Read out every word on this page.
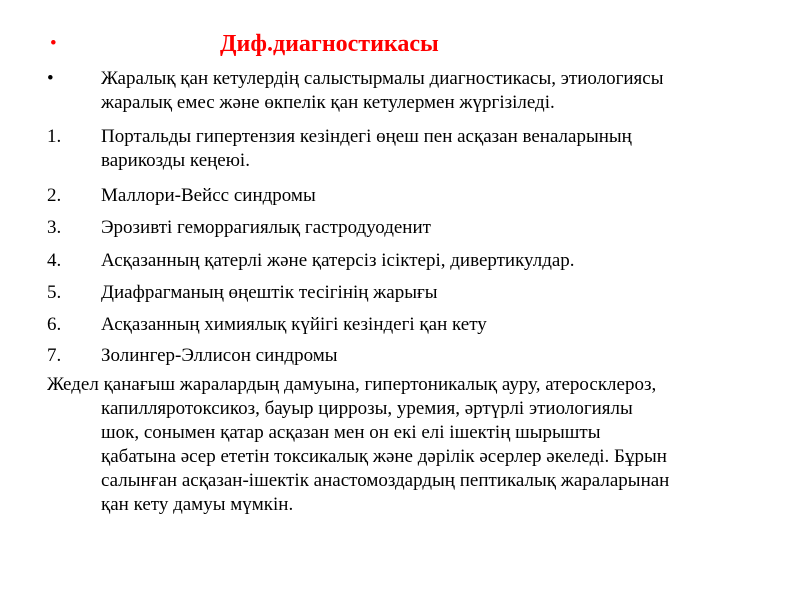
•	Диф.диагностикасы
• Жаралық қан кетулердің салыстырмалы диагностикасы, этиологиясы
жаралық емес және өкпелік қан кетулермен жүргізіледі.
1. Портальды гипертензия кезіндегі өңеш пен асқазан веналарының
варикозды кеңеюі.
2. Маллори-Вейсс синдромы
3. Эрозивті геморрагиялық гастродуоденит
4. Асқазанның қатерлі және қатерсіз ісіктері, дивертикулдар.
5. Диафрагманың өңештік тесігінің жарығы
6. Асқазанның химиялық күйігі кезіндегі қан кету
7. Золингер-Эллисон синдромы
Жедел қанағыш жаралардың дамуына, гипертоникалық ауру, атеросклероз,
капилляротоксикоз, бауыр циррозы, уремия, әртүрлі этиологиялы
шок, сонымен қатар асқазан мен он екі елі ішектің шырышты
қабатына әсер ететін токсикалық және дәрілік әсерлер әкеледі. Бұрын
салынған асқазан-ішектік анастомоздардың пептикалық жараларынан
қан кету дамуы мүмкін.
